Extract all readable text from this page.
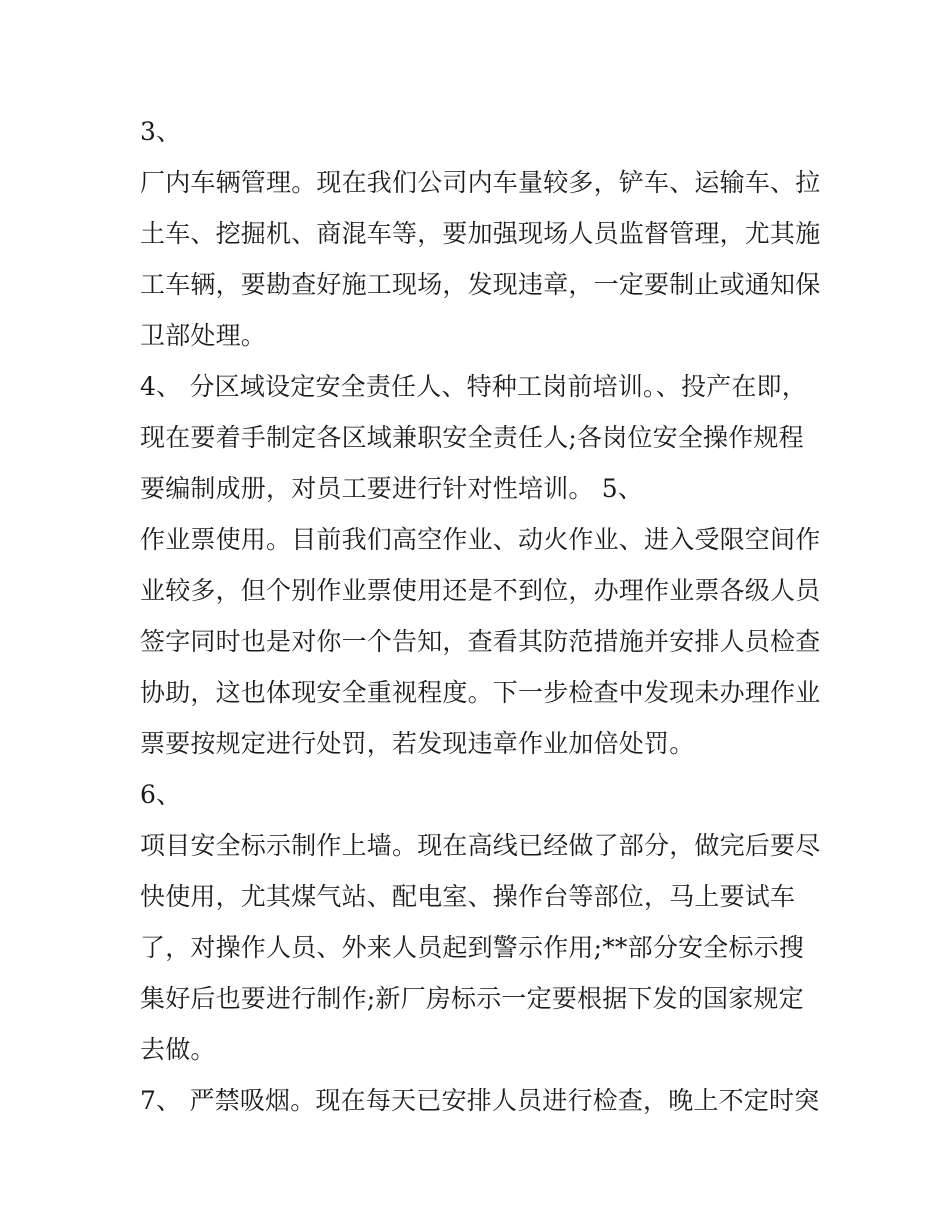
3、
厂内车辆管理。现在我们公司内车量较多，铲车、运输车、拉
土车、挖掘机、商混车等，要加强现场人员监督管理，尤其施
工车辆，要勘查好施工现场，发现违章，一定要制止或通知保
卫部处理。
4、 分区域设定安全责任人、特种工岗前培训。、投产在即，
现在要着手制定各区域兼职安全责任人;各岗位安全操作规程
要编制成册，对员工要进行针对性培训。 5、
作业票使用。目前我们高空作业、动火作业、进入受限空间作
业较多，但个别作业票使用还是不到位，办理作业票各级人员
签字同时也是对你一个告知，查看其防范措施并安排人员检查
协助，这也体现安全重视程度。下一步检查中发现未办理作业
票要按规定进行处罚，若发现违章作业加倍处罚。
6、
项目安全标示制作上墙。现在高线已经做了部分，做完后要尽
快使用，尤其煤气站、配电室、操作台等部位，马上要试车
了，对操作人员、外来人员起到警示作用;**部分安全标示搜
集好后也要进行制作;新厂房标示一定要根据下发的国家规定
去做。
7、 严禁吸烟。现在每天已安排人员进行检查，晚上不定时突
